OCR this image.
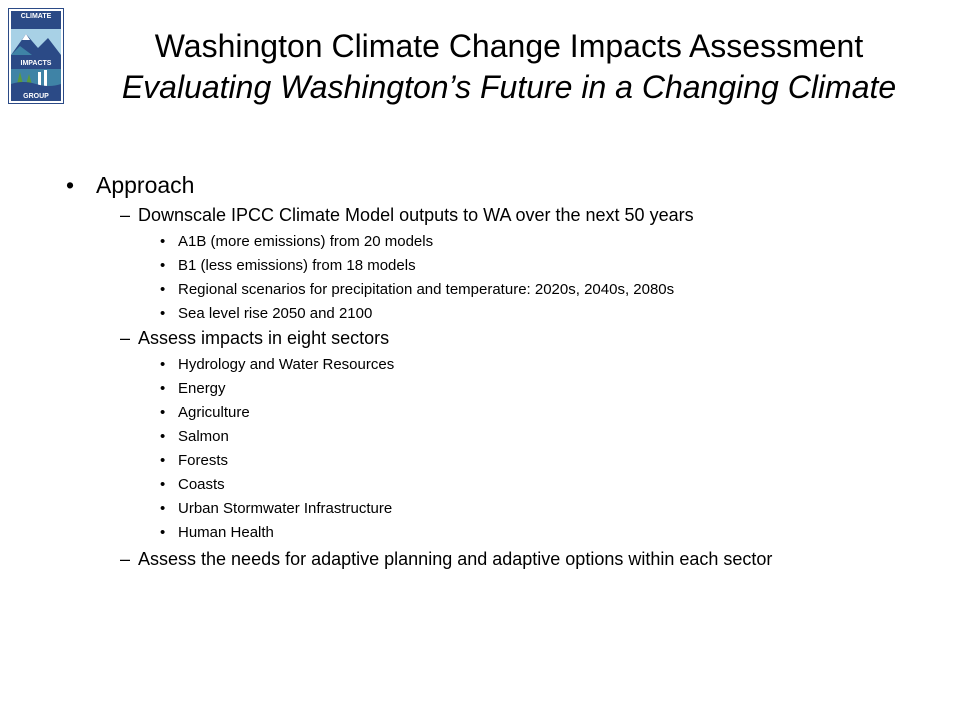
CLIMATE
IMPACTS
GROUP
Washington Climate Change Impacts Assessment
Evaluating Washington’s Future in a Changing Climate
• Approach
– Downscale IPCC Climate Model outputs to WA over the next 50 years
• A1B (more emissions) from 20 models
• B1 (less emissions) from 18 models
• Regional scenarios for precipitation and temperature: 2020s, 2040s, 2080s
• Sea level rise 2050 and 2100
– Assess impacts in eight sectors
• Hydrology and Water Resources
• Energy
• Agriculture
• Salmon
• Forests
• Coasts
• Urban Stormwater Infrastructure
• Human Health
– Assess the needs for adaptive planning and adaptive options within each sector
